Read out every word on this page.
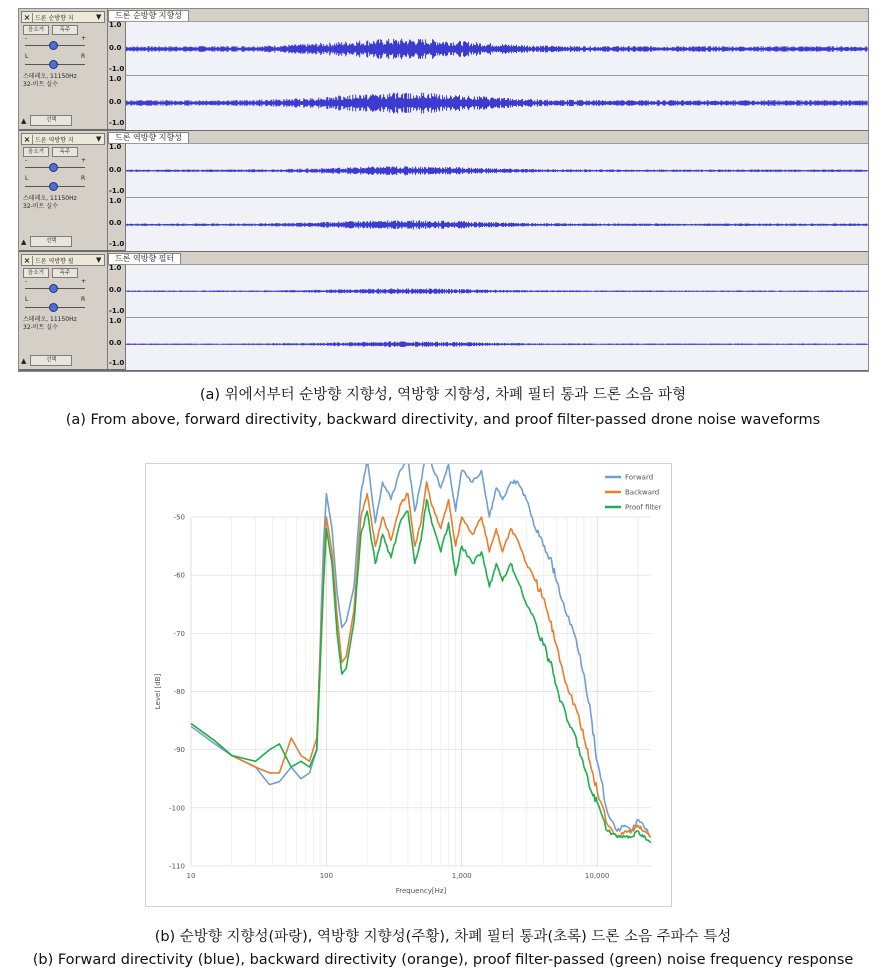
× 드론 순방향 지	▼
음소거	독주
-	+
L	R
스테레오, 11150Hz
32-비트 실수
▲	선택
드론 순방향 지향성
1.0
0.0
-1.0
1.0
0.0
-1.0
× 드론 역방향 지	▼
음소거	독주
-	+
L	R
스테레오, 11150Hz
32-비트 실수
▲	선택
드론 역방향 지향성
1.0
0.0
-1.0
1.0
0.0
-1.0
× 드론 역방향 필	▼
음소거	독주
-	+
L	R
스테레오, 11150Hz
32-비트 실수
▲	선택
드론 역방향 필터
1.0
0.0
-1.0
1.0
0.0
-1.0
(a) 위에서부터 순방향 지향성, 역방향 지향성, 차폐 필터 통과 드론 소음 파형
(a) From above, forward directivity, backward directivity, and proof filter-passed drone noise waveforms
-50
-60
-70
-80
-90
-100
-110
10	100	1,000	10,000
Frequency[Hz]
Level [dB]
Forward
Backward
Proof filter
(b) 순방향 지향성(파랑), 역방향 지향성(주황), 차폐 필터 통과(초록) 드론 소음 주파수 특성
(b) Forward directivity (blue), backward directivity (orange), proof filter-passed (green) noise frequency response
